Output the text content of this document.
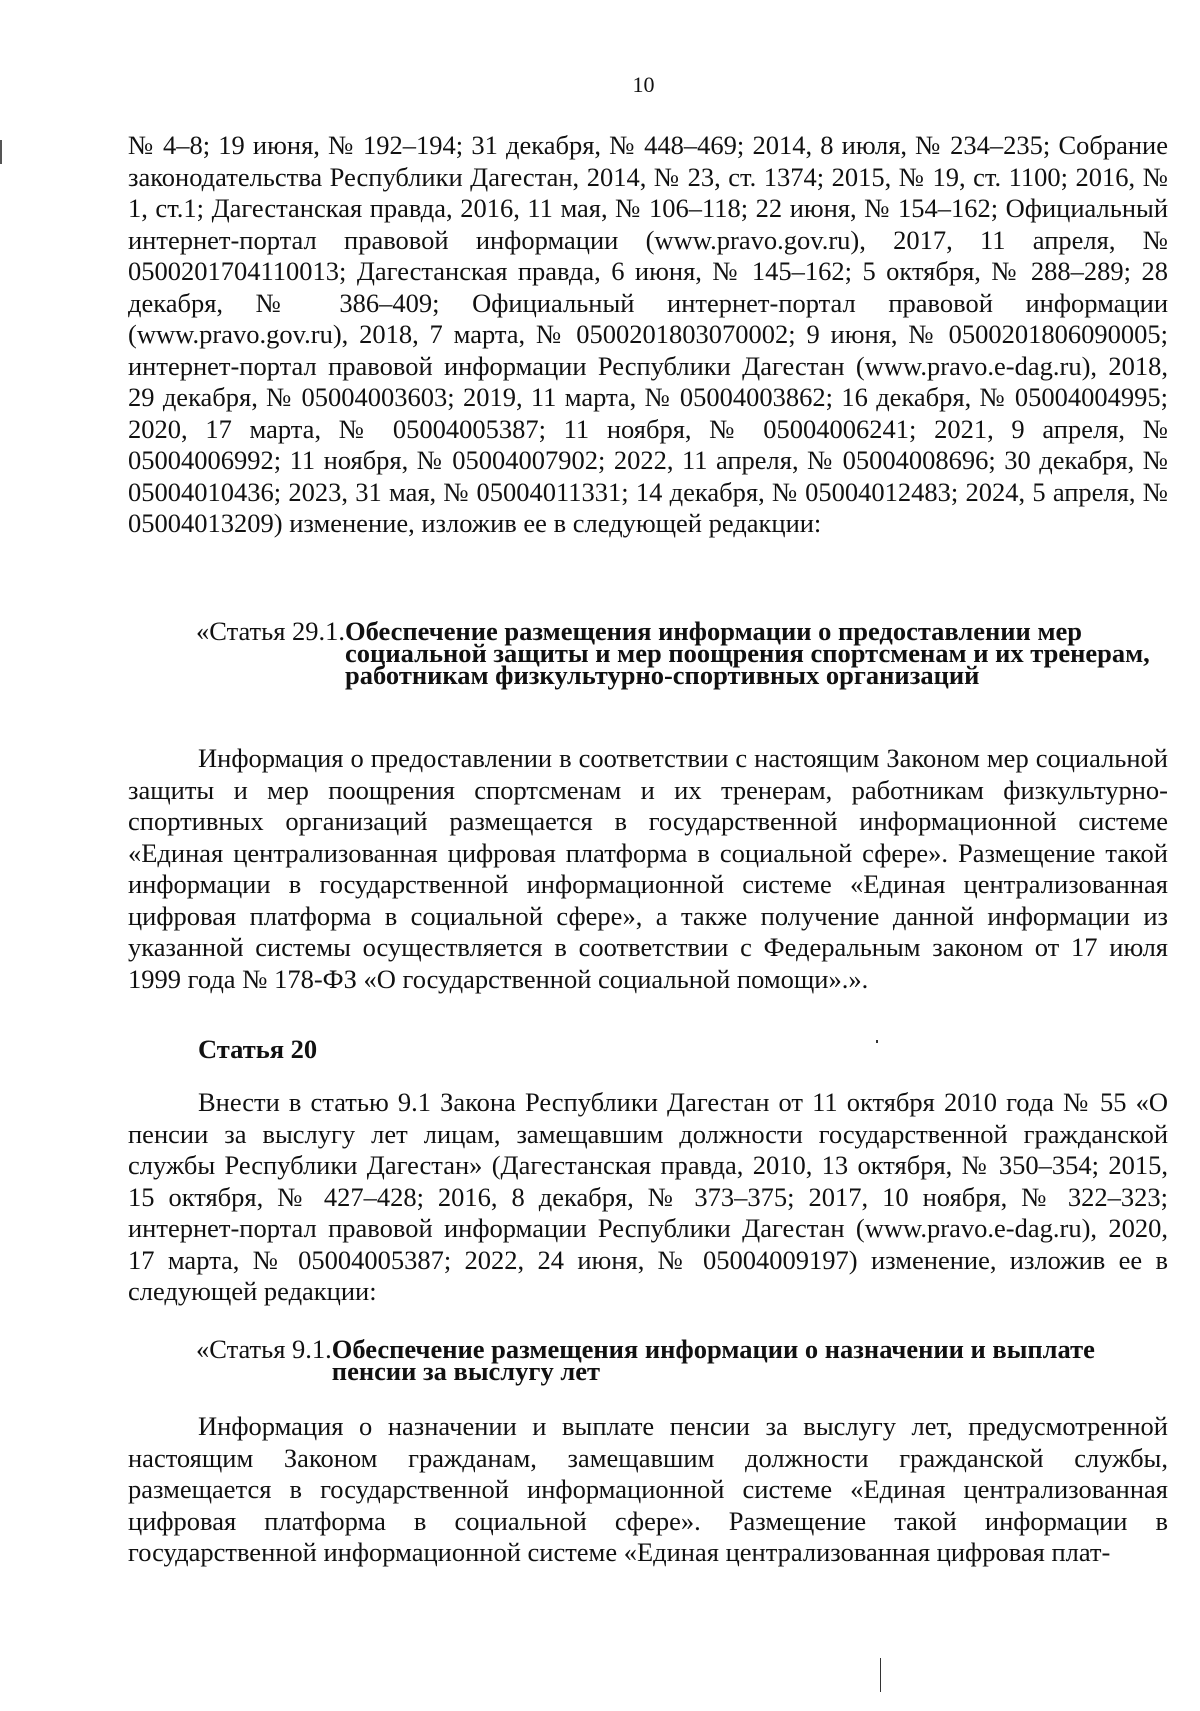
10

№ 4–8; 19 июня, № 192–194; 31 декабря, № 448–469; 2014, 8 июля, № 234–235; Собрание законодательства Республики Дагестан, 2014, № 23, ст. 1374; 2015, № 19, ст. 1100; 2016, № 1, ст.1; Дагестанская правда, 2016, 11 мая, № 106–118; 22 июня, № 154–162; Официальный интернет-портал правовой информации (www.pravo.gov.ru), 2017, 11 апреля, № 0500201704110013; Дагестанская правда, 6 июня, № 145–162; 5 октября, № 288–289; 28 декабря, № 386–409; Официальный интернет-портал правовой информации (www.pravo.gov.ru), 2018, 7 марта, № 0500201803070002; 9 июня, № 0500201806090005; интернет-портал правовой информации Республики Дагестан (www.pravo.e-dag.ru), 2018, 29 декабря, № 05004003603; 2019, 11 марта, № 05004003862; 16 декабря, № 05004004995; 2020, 17 марта, № 05004005387; 11 ноября, № 05004006241; 2021, 9 апреля, № 05004006992; 11 ноября, № 05004007902; 2022, 11 апреля, № 05004008696; 30 декабря, № 05004010436; 2023, 31 мая, № 05004011331; 14 декабря, № 05004012483; 2024, 5 апреля, № 05004013209) изменение, изложив ее в следующей редакции:

«Статья 29.1. Обеспечение размещения информации о предоставлении мер социальной защиты и мер поощрения спортсменам и их тренерам, работникам физкультурно-спортивных организаций

Информация о предоставлении в соответствии с настоящим Законом мер социальной защиты и мер поощрения спортсменам и их тренерам, работникам физкультурно-спортивных организаций размещается в государственной информационной системе «Единая централизованная цифровая платформа в социальной сфере». Размещение такой информации в государственной информационной системе «Единая централизованная цифровая платформа в социальной сфере», а также получение данной информации из указанной системы осуществляется в соответствии с Федеральным законом от 17 июля 1999 года № 178-ФЗ «О государственной социальной помощи».».

Статья 20

Внести в статью 9.1 Закона Республики Дагестан от 11 октября 2010 года № 55 «О пенсии за выслугу лет лицам, замещавшим должности государственной гражданской службы Республики Дагестан» (Дагестанская правда, 2010, 13 октября, № 350–354; 2015, 15 октября, № 427–428; 2016, 8 декабря, № 373–375; 2017, 10 ноября, № 322–323; интернет-портал правовой информации Республики Дагестан (www.pravo.e-dag.ru), 2020, 17 марта, № 05004005387; 2022, 24 июня, № 05004009197) изменение, изложив ее в следующей редакции:

«Статья 9.1. Обеспечение размещения информации о назначении и выплате пенсии за выслугу лет

Информация о назначении и выплате пенсии за выслугу лет, предусмотренной настоящим Законом гражданам, замещавшим должности гражданской службы, размещается в государственной информационной системе «Единая централизованная цифровая платформа в социальной сфере». Размещение такой информации в государственной информационной системе «Единая централизованная цифровая плат-
